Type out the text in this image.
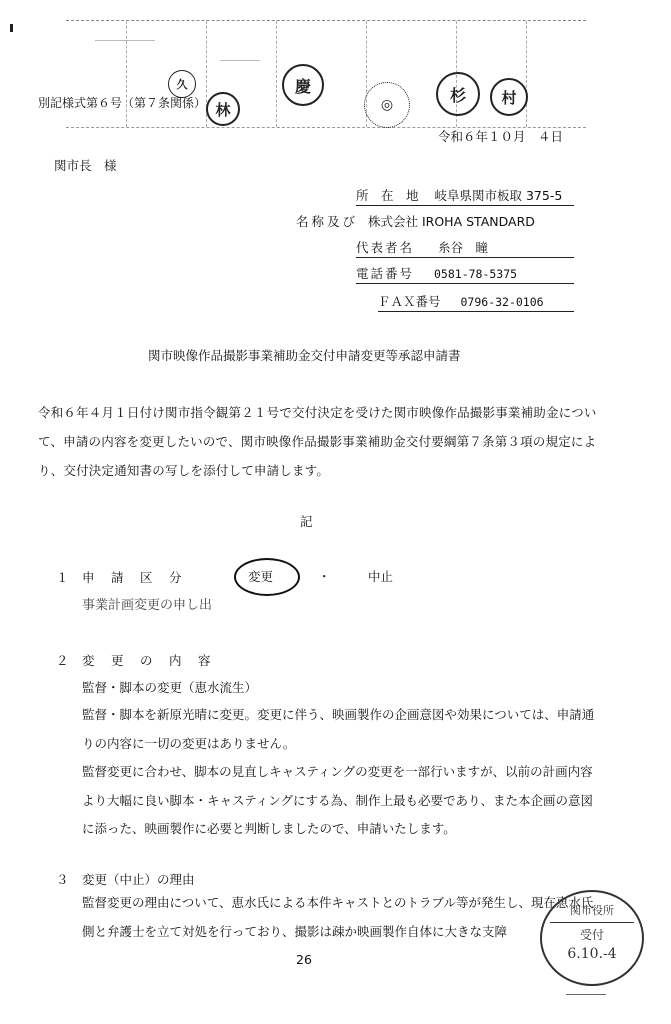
林
久	慶
◎
杉	村
別記様式第６号（第７条関係）
令和６年１０月　４日
関市長　様
所　在　地 岐阜県関市板取 375-5
名称及び 株式会社 IROHA STANDARD
代表者名 糸谷　瞳
電話番号 0581-78-5375
ＦＡＸ番号 0796-32-0106
関市映像作品撮影事業補助金交付申請変更等承認申請書
令和６年４月１日付け関市指令観第２１号で交付決定を受けた関市映像作品撮影事業補助金について、申請の内容を変更したいので、関市映像作品撮影事業補助金交付要綱第７条第３項の規定により、交付決定通知書の写しを添付して申請します。
記
１ 申　請　区　分	変更	・	中止
事業計画変更の申し出
２ 変　更　の　内　容
監督・脚本の変更（恵水流生）
監督・脚本を新原光晴に変更。変更に伴う、映画製作の企画意図や効果については、申請通りの内容に一切の変更はありません。
監督変更に合わせ、脚本の見直しキャスティングの変更を一部行いますが、以前の計画内容より大幅に良い脚本・キャスティングにする為、制作上最も必要であり、また本企画の意図に添った、映画製作に必要と判断しましたので、申請いたします。
３ 変更（中止）の理由
監督変更の理由について、恵水氏による本件キャストとのトラブル等が発生し、現在恵水氏側と弁護士を立て対処を行っており、撮影は疎か映画製作自体に大きな支障
26
関市役所
受付
6.10.-4
